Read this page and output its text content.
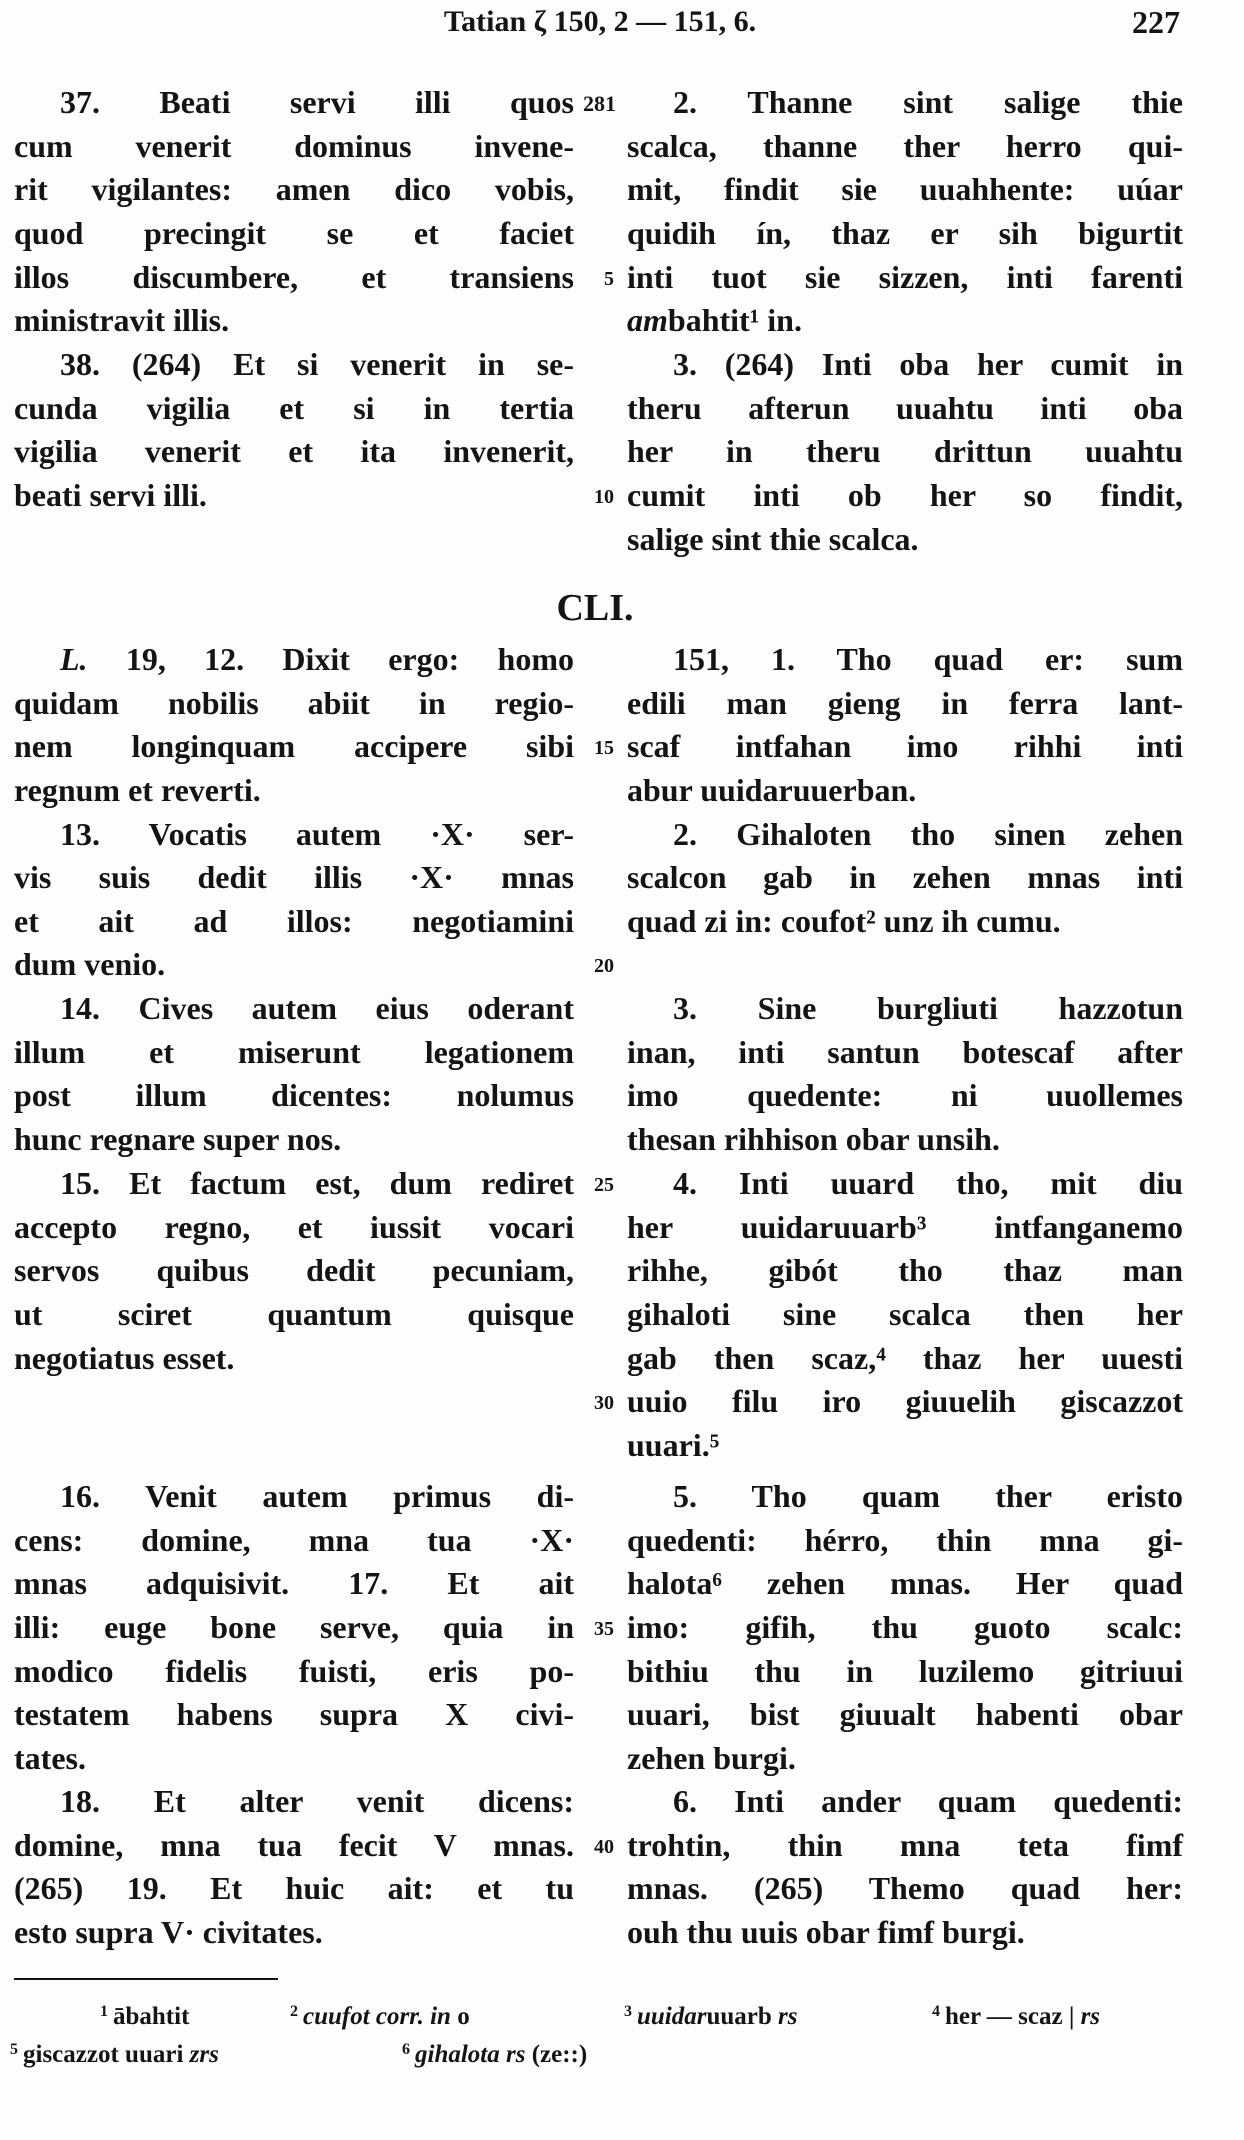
Tatian ζ 150, 2 — 151, 6.	227
281
CLI.
37. Beati servi illi quos
cum venerit dominus invene-
rit vigilantes: amen dico vobis,
quod precingit se et faciet
illos discumbere, et transiens
ministravit illis.
38. (264) Et si venerit in se-
cunda vigilia et si in tertia
vigilia venerit et ita invenerit,
beati servi illi.
L. 19, 12. Dixit ergo: homo
quidam nobilis abiit in regio-
nem longinquam accipere sibi
regnum et reverti.
13. Vocatis autem ·X· ser-
vis suis dedit illis ·X· mnas
et ait ad illos: negotiamini
dum venio.
14. Cives autem eius oderant
illum et miserunt legationem
post illum dicentes: nolumus
hunc regnare super nos.
15. Et factum est, dum rediret
accepto regno, et iussit vocari
servos quibus dedit pecuniam,
ut sciret quantum quisque
negotiatus esset.
16. Venit autem primus di-
cens: domine, mna tua ·X·
mnas adquisivit. 17. Et ait
illi: euge bone serve, quia in
modico fidelis fuisti, eris po-
testatem habens supra X civi-
tates.
18. Et alter venit dicens:
domine, mna tua fecit V mnas.
(265) 19. Et huic ait: et tu
esto supra V· civitates.
2. Thanne sint salige thie
scalca, thanne ther herro qui-
mit, findit sie uuahhente: uúar
quidih ín, thaz er sih bigurtit
inti tuot sie sizzen, inti farenti
ambahtit¹ in.
3. (264) Inti oba her cumit in
theru afterun uuahtu inti oba
her in theru drittun uuahtu
cumit inti ob her so findit,
salige sint thie scalca.
151, 1. Tho quad er: sum
edili man gieng in ferra lant-
scaf intfahan imo rihhi inti
abur uuidaruuerban.
2. Gihaloten tho sinen zehen
scalcon gab in zehen mnas inti
quad zi in: coufot² unz ih cumu.
3. Sine burgliuti hazzotun
inan, inti santun botescaf after
imo quedente: ni uuollemes
thesan rihhison obar unsih.
4. Inti uuard tho, mit diu
her uuidaruuarb³ intfanganemo
rihhe, gibót tho thaz man
gihaloti sine scalca then her
gab then scaz,⁴ thaz her uuesti
uuio filu iro giuuelih giscazzot
uuari.⁵
5. Tho quam ther eristo
quedenti: hérro, thin mna gi-
halota⁶ zehen mnas. Her quad
imo: gifih, thu guoto scalc:
bithiu thu in luzilemo gitriuui
uuari, bist giuualt habenti obar
zehen burgi.
6. Inti ander quam quedenti:
trohtin, thin mna teta fimf
mnas. (265) Themo quad her:
ouh thu uuis obar fimf burgi.
5
10
15
20
25
30
35
40
$^1$ ābahtit	$^2$ cuufot corr. in o	$^3$ uuidaruuarb rs	$^4$ her — scaz | rs
$^5$ giscazzot uuari zrs	$^6$ gihalota rs (ze::)
